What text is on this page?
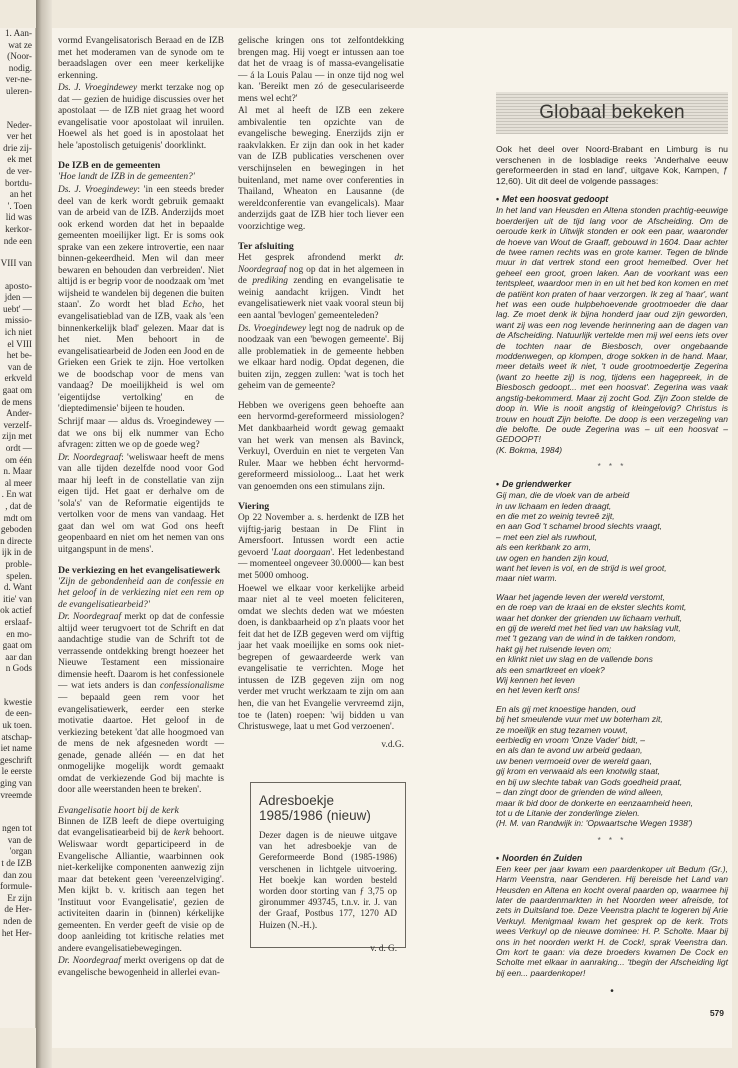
1. Aan-
wat ze
(Noor-
nodig.
ver-ne-
uleren-
Neder-
ver het
drie zij-
ek met
de ver-
bortdu-
an het
'. Toen
lid was
kerkor-
nde een
VIII van
aposto-
jden —
uebt' —
missio-
ich niet
el VIII
het be-
van de
erkveld
gaat om
de mens
Ander-
verzelf-
zijn met
ordt —
om één
n. Maar
al meer
. En wat
, dat de
mdt om
geboden
n directe
ijk in de
proble-
spelen.
d. Want
itie' van
ok actief
erslaaf-
en mo-
gaat om
aar dan
n Gods
kwestie
de een-
uk toen.
atschap-
iet name
geschrift
le eerste
ging van
vreemde
ngen tot
van de
'organ
t de IZB
dan zou
formule-
Er zijn
de Her-
nden de
het Her-

vormd Evangelisatorisch Beraad en de IZB met het moderamen van de synode om te beraadslagen over een meer kerkelijke erkenning.

Ds. J. Vroegindewey merkt terzake nog op dat — gezien de huidige discussies over het apostolaat — de IZB niet graag het woord evangelisatie voor apostolaat wil inruilen. Hoewel als het goed is in apostolaat het hele 'apostolisch getuigenis' doorklinkt.

De IZB en de gemeenten

'Hoe landt de IZB in de gemeenten?'

Ds. J. Vroegindewey: 'in een steeds breder deel van de kerk wordt gebruik gemaakt van de arbeid van de IZB. Anderzijds moet ook erkend worden dat het in bepaalde gemeenten moeilijker ligt. Er is soms ook sprake van een zekere introvertie, een naar binnen-gekeerdheid. Men wil dan meer bewaren en behouden dan verbreiden'. Niet altijd is er begrip voor de noodzaak om 'met wijsheid te wandelen bij degenen die buiten staan'. Zo wordt het blad Echo, het evangelisatieblad van de IZB, vaak als 'een binnenkerkelijk blad' gelezen. Maar dat is het niet. Men behoort in de evangelisatiearbeid de Joden een Jood en de Grieken een Griek te zijn. Hoe vertolken we de boodschap voor de mens van vandaag? De moeilijkheid is wel om 'eigentijdse vertolking' en de 'dieptedimensie' bijeen te houden.

Schrijf maar — aldus ds. Vroegindewey — dat we ons bij elk nummer van Echo afvragen: zitten we op de goede weg?

Dr. Noordegraaf: 'weliswaar heeft de mens van alle tijden dezelfde nood voor God maar hij leeft in de constellatie van zijn eigen tijd. Het gaat er derhalve om de 'sola's' van de Reformatie eigentijds te vertolken voor de mens van vandaag. Het gaat dan wel om wat God ons heeft geopenbaard en niet om het nemen van ons uitgangspunt in de mens'.

De verkiezing en het evangelisatiewerk

'Zijn de gebondenheid aan de confessie en het geloof in de verkiezing niet een rem op de evangelisatiearbeid?'

Dr. Noordegraaf merkt op dat de confessie altijd weer terugvoert tot de Schrift en dat aandachtige studie van de Schrift tot de verrassende ontdekking brengt hoezeer het Nieuwe Testament een missionaire dimensie heeft. Daarom is het confessionele — wat iets anders is dan confessionalisme — bepaald geen rem voor het evangelisatiewerk, eerder een sterke motivatie daartoe. Het geloof in de verkiezing betekent 'dat alle hoogmoed van de mens de nek afgesneden wordt — genade, genade alléén — en dat het onmogelijke mogelijk wordt gemaakt omdat de verkiezende God bij machte is door alle weerstanden heen te breken'.

Evangelisatie hoort bij de kerk

Binnen de IZB leeft de diepe overtuiging dat evangelisatiearbeid bij de kerk behoort. Weliswaar wordt geparticipeerd in de Evangelische Alliantie, waarbinnen ook niet-kerkelijke componenten aanwezig zijn maar dat betekent geen 'vereenzelviging'. Men kijkt b. v. kritisch aan tegen het 'Instituut voor Evangelisatie', gezien de activiteiten daarin in (binnen) kérkelijke gemeenten. En verder geeft de visie op de doop aanleiding tot kritische relaties met andere evangelisatiebewegingen.

Dr. Noordegraaf merkt overigens op dat de evangelische bewogenheid in allerlei evan-

gelische kringen ons tot zelfontdekking brengen mag. Hij voegt er intussen aan toe dat het de vraag is of massa-evangelisatie — á la Louis Palau — in onze tijd nog wel kan. 'Bereikt men zó de geseculariseerde mens wel echt?'

Al met al heeft de IZB een zekere ambivalentie ten opzichte van de evangelische beweging. Enerzijds zijn er raakvlakken. Er zijn dan ook in het kader van de IZB publicaties verschenen over verschijnselen en bewegingen in het buitenland, met name over conferenties in Thailand, Wheaton en Lausanne (de wereldconferentie van evangelicals). Maar anderzijds gaat de IZB hier toch liever een voorzichtige weg.

Ter afsluiting

Het gesprek afrondend merkt dr. Noordegraaf nog op dat in het algemeen in de prediking zending en evangelisatie te weinig aandacht krijgen. Vindt het evangelisatiewerk niet vaak vooral steun bij een aantal 'bevlogen' gemeenteleden?

Ds. Vroegindewey legt nog de nadruk op de noodzaak van een 'bewogen gemeente'. Bij alle problematiek in de gemeente hebben we elkaar hard nodig. Opdat degenen, die buiten zijn, zeggen zullen: 'wat is toch het geheim van de gemeente?

Hebben we overigens geen behoefte aan een hervormd-gereformeerd missiologen? Met dankbaarheid wordt gewag gemaakt van het werk van mensen als Bavinck, Verkuyl, Overduin en niet te vergeten Van Ruler. Maar we hebben écht hervormd-gereformeerd missioloog... Laat het werk van genoemden ons een stimulans zijn.

Viering

Op 22 November a. s. herdenkt de IZB het vijftig-jarig bestaan in De Flint in Amersfoort. Intussen wordt een actie gevoerd 'Laat doorgaan'. Het ledenbestand — momenteel ongeveer 30.0000— kan best met 5000 omhoog.

Hoewel we elkaar voor kerkelijke arbeid maar niet al te veel moeten feliciteren, omdat we slechts deden wat we móesten doen, is dankbaarheid op z'n plaats voor het feit dat het de IZB gegeven werd om vijftig jaar het vaak moeilijke en soms ook niet-begrepen of gewaardeerde werk van evangelisatie te verrichten. Moge het intussen de IZB gegeven zijn om nog verder met vrucht werkzaam te zijn om aan hen, die van het Evangelie vervreemd zijn, toe te (laten) roepen: 'wij bidden u van Christuswege, laat u met God verzoenen'.

v.d.G.

Adresboekje 1985/1986 (nieuw)
Dezer dagen is de nieuwe uitgave van het adresboekje van de Gereformeerde Bond (1985-1986) verschenen in lichtgele uitvoering. Het boekje kan worden besteld worden door storting van ƒ 3,75 op gironummer 493745, t.n.v. ir. J. van der Graaf, Postbus 177, 1270 AD Huizen (N.-H.).
v. d. G.
Globaal bekeken

Ook het deel over Noord-Brabant en Limburg is nu verschenen in de losbladige reeks 'Anderhalve eeuw gereformeerden in stad en land', uitgave Kok, Kampen, ƒ 12,60). Uit dit deel de volgende passages:

• Met een hoosvat gedoopt

In het land van Heusden en Altena stonden prachtig-eeuwige boerderijen uit de tijd lang voor de Afscheiding. Om de oeroude kerk in Uitwijk stonden er ook een paar, waaronder de hoeve van Wout de Graaff, gebouwd in 1604. Daar achter de twee ramen rechts was en grote kamer. Tegen de blinde muur in dat vertrek stond een groot hemelbed. Over het geheel een groot, groen laken. Aan de voorkant was een tentspleet, waardoor men in en uit het bed kon komen en met de patiënt kon praten of haar verzorgen. Ik zeg al 'haar', want het was een oude hulpbehoevende grootmoeder die daar lag. Ze moet denk ik bijna honderd jaar oud zijn geworden, want zij was een nog levende herinnering aan de dagen van de Afscheiding. Natuurlijk vertelde men mij wel eens iets over de tochten naar de Biesbosch, over ongebaande moddenwegen, op klompen, droge sokken in de hand. Maar, meer details weet ik niet, 't oude grootmoedertje Zegerina (want zo heette zij) is nog, tijdens een hagepreek, in de Biesbosch gedoopt... met een hoosvat'. Zegerina was vaak angstig-bekommerd. Maar zij zocht God. Zijn Zoon stelde de doop in. Wie is nooit angstig of kleingelovig? Christus is trouw en houdt Zijn belofte. De doop is een verzegeling van die belofte. De oude Zegerina was – uit een hoosvat – GEDOOPT!

(K. Bokma, 1984)

* * *

• De griendwerker

Gij man, die de vloek van de arbeid
in uw lichaam en leden draagt,
en die met zo weinig tevreê zijt,
en aan God 't schamel brood slechts vraagt,
– met een ziel als ruwhout,
als een kerkbank zo arm,
uw ogen en handen zijn koud,
want het leven is vol, en de strijd is wel groot,
maar niet warm.

Waar het jagende leven der wereld verstomt,
en de roep van de kraai en de ekster slechts komt,
waar het donker der grienden uw lichaam verhult,
en gij de wereld met het lied van uw hakslag vult,
met 't gezang van de wind in de takken rondom,
hakt gij het ruisende leven om;
en klinkt niet uw slag en de vallende bons
als een smartkreet en vloek?
Wij kennen het leven
en het leven kerft ons!

En als gij met knoestige handen, oud
bij het smeulende vuur met uw boterham zit,
ze moeilijk en stug tezamen vouwt,
eerbiedig en vroom 'Onze Vader' bidt, –
en als dan te avond uw arbeid gedaan,
uw benen vermoeid over de wereld gaan,
gij krom en verwaaid als een knotwilg staat,
en bij uw slechte tabak van Gods goedheid praat,
– dan zingt door de grienden de wind alleen,
maar ik bid door de donkerte en eenzaamheid heen,
tot u de Litanie der zonderlinge zielen.
(H. M. van Randwijk in: 'Opwaartsche Wegen 1938')

* * *

• Noorden én Zuiden

Een keer per jaar kwam een paardenkoper uit Bedum (Gr.), Harm Veenstra, naar Genderen. Hij bereisde het Land van Heusden en Altena en kocht overal paarden op, waarmee hij later de paardenmarkten in het Noorden weer afreisde, tot zets in Duitsland toe. Deze Veenstra placht te logeren bij Arie Verkuyl. Menigmaal kwam het gesprek op de kerk. Trots wees Verkuyl op de nieuwe dominee: H. P. Scholte. Maar bij ons in het noorden werkt H. de Cock!, sprak Veenstra dan. Om kort te gaan: via deze broeders kwamen De Cock en Scholte met elkaar in aanraking... 'tbegin der Afscheiding ligt bij een... paardenkoper!

•
579
